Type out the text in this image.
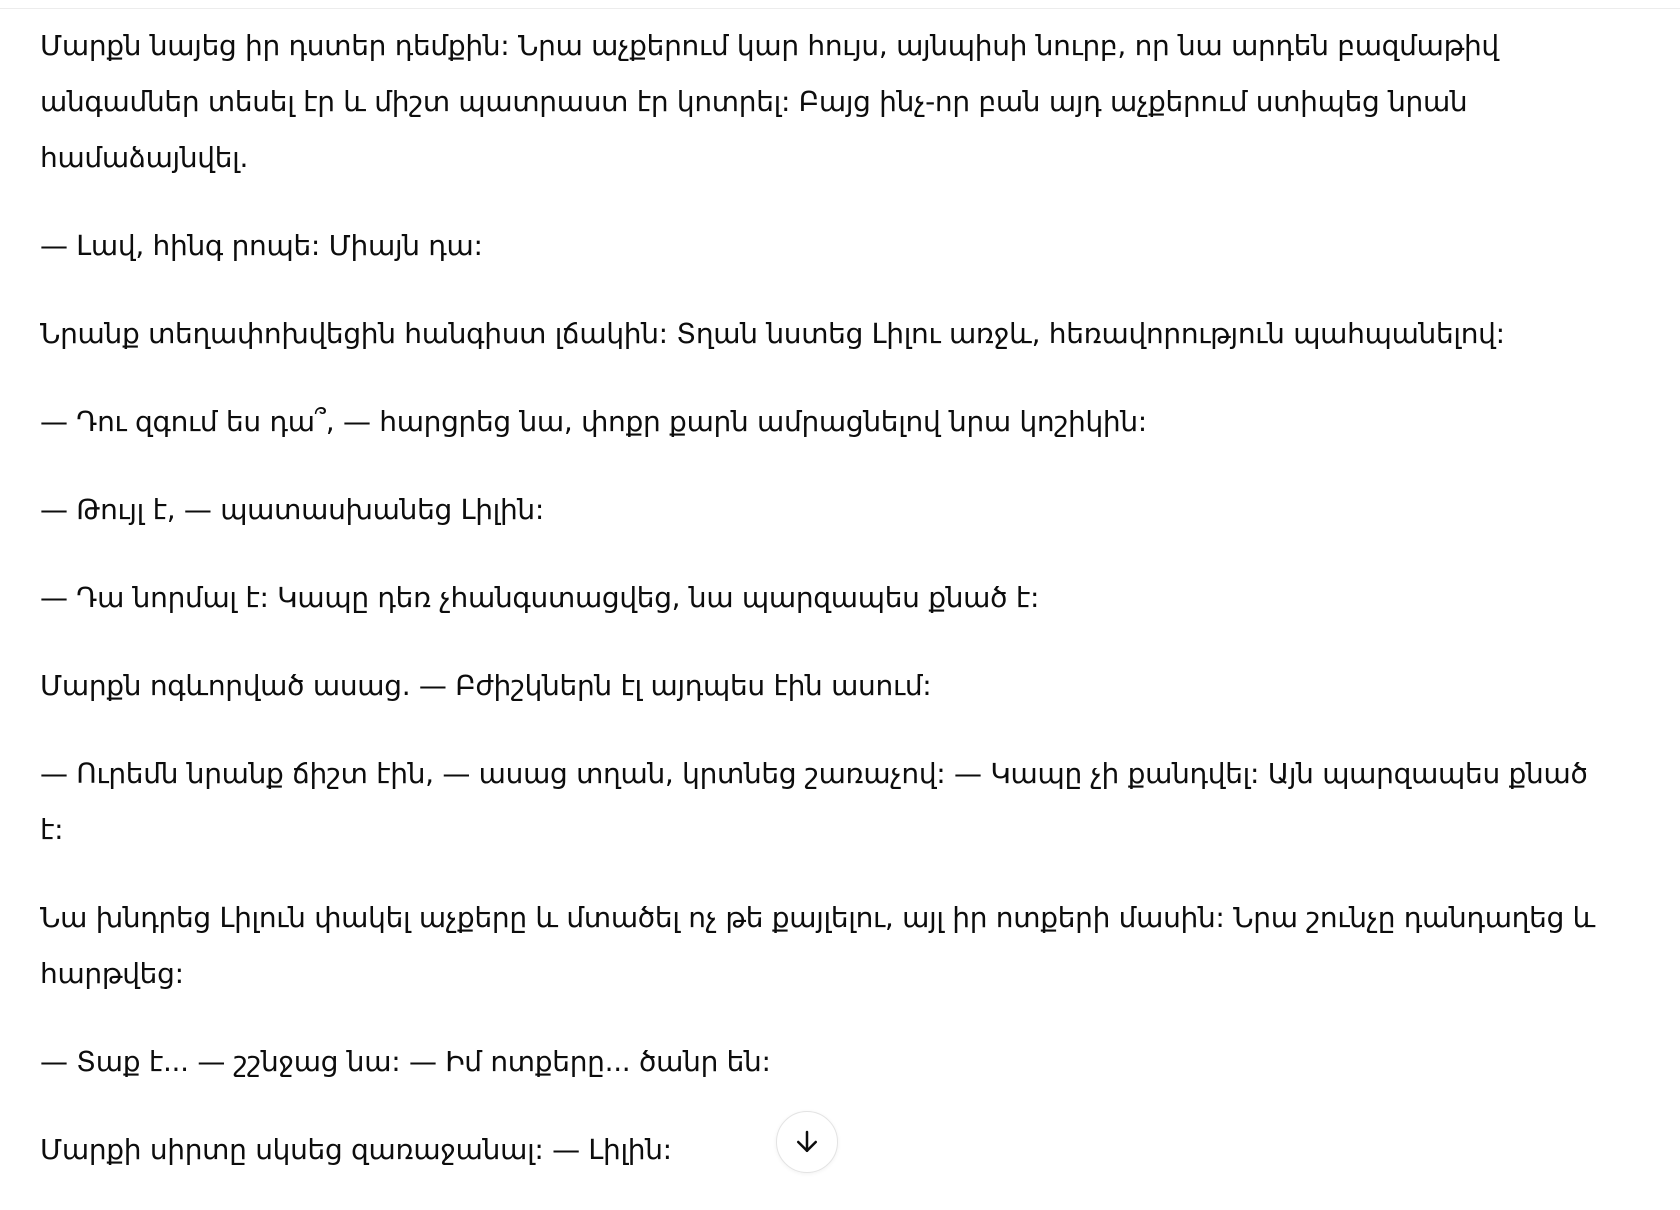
Մարքն նայեց իր դստեր դեմքին: Նրա աչքերում կար հույս, այնպիսի նուրբ, որ նա արդեն բազմաթիվ անգամներ տեսել էր և միշտ պատրաստ էր կոտրել: Բայց ինչ-որ բան այդ աչքերում ստիպեց նրան համաձայնվել.

— Լավ, հինգ րոպե: Միայն դա:

Նրանք տեղափոխվեցին հանգիստ լճակին: Տղան նստեց Լիլու առջև, հեռավորություն պահպանելով:

— Դու զգում ես դա՞, — հարցրեց նա, փոքր քարն ամրացնելով նրա կոշիկին:

— Թույլ է, — պատասխանեց Լիլին:

— Դա նորմալ է: Կապը դեռ չհանգստացվեց, նա պարզապես քնած է:

Մարքն ոգևորված ասաց. — Բժիշկներն էլ այդպես էին ասում:

— Ուրեմն նրանք ճիշտ էին, — ասաց տղան, կրտնեց շառաչով: — Կապը չի քանդվել: Այն պարզապես քնած է:

Նա խնդրեց Լիլուն փակել աչքերը և մտածել ոչ թե քայլելու, այլ իր ոտքերի մասին: Նրա շունչը դանդաղեց և հարթվեց:

— Տաք է... — շշնջաց նա: — Իմ ոտքերը... ծանր են:

Մարքի սիրտը սկսեց զառաջանալ: — Լիլին:
